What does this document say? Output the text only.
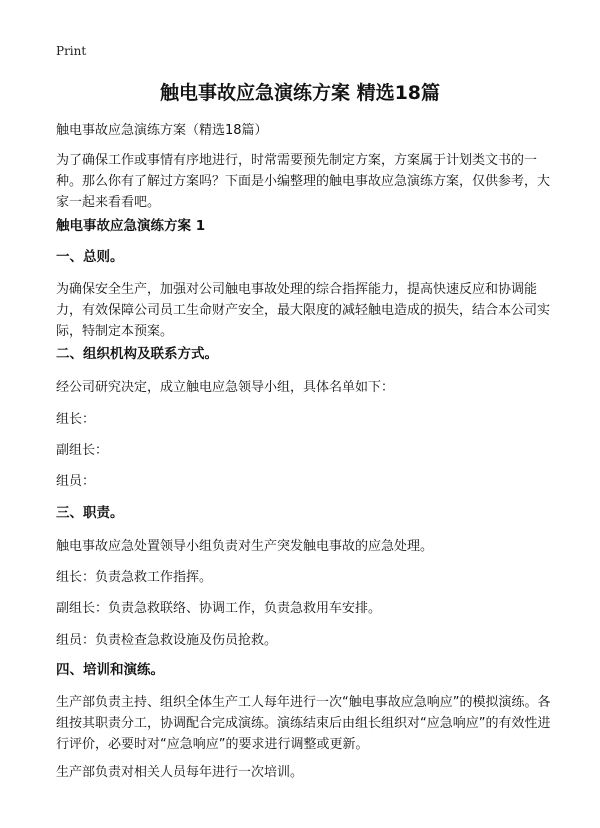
Print
触电事故应急演练方案 精选18篇
触电事故应急演练方案（精选18篇）
为了确保工作或事情有序地进行，时常需要预先制定方案，方案属于计划类文书的一种。那么你有了解过方案吗？下面是小编整理的触电事故应急演练方案，仅供参考，大家一起来看看吧。
触电事故应急演练方案 1
一、总则。
为确保安全生产，加强对公司触电事故处理的综合指挥能力，提高快速反应和协调能力，有效保障公司员工生命财产安全，最大限度的减轻触电造成的损失，结合本公司实际，特制定本预案。
二、组织机构及联系方式。
经公司研究决定，成立触电应急领导小组，具体名单如下：
组长：
副组长：
组员：
三、职责。
触电事故应急处置领导小组负责对生产突发触电事故的应急处理。
组长：负责急救工作指挥。
副组长：负责急救联络、协调工作，负责急救用车安排。
组员：负责检查急救设施及伤员抢救。
四、培训和演练。
生产部负责主持、组织全体生产工人每年进行一次“触电事故应急响应”的模拟演练。各组按其职责分工，协调配合完成演练。演练结束后由组长组织对“应急响应”的有效性进行评价，必要时对“应急响应”的要求进行调整或更新。
生产部负责对相关人员每年进行一次培训。
